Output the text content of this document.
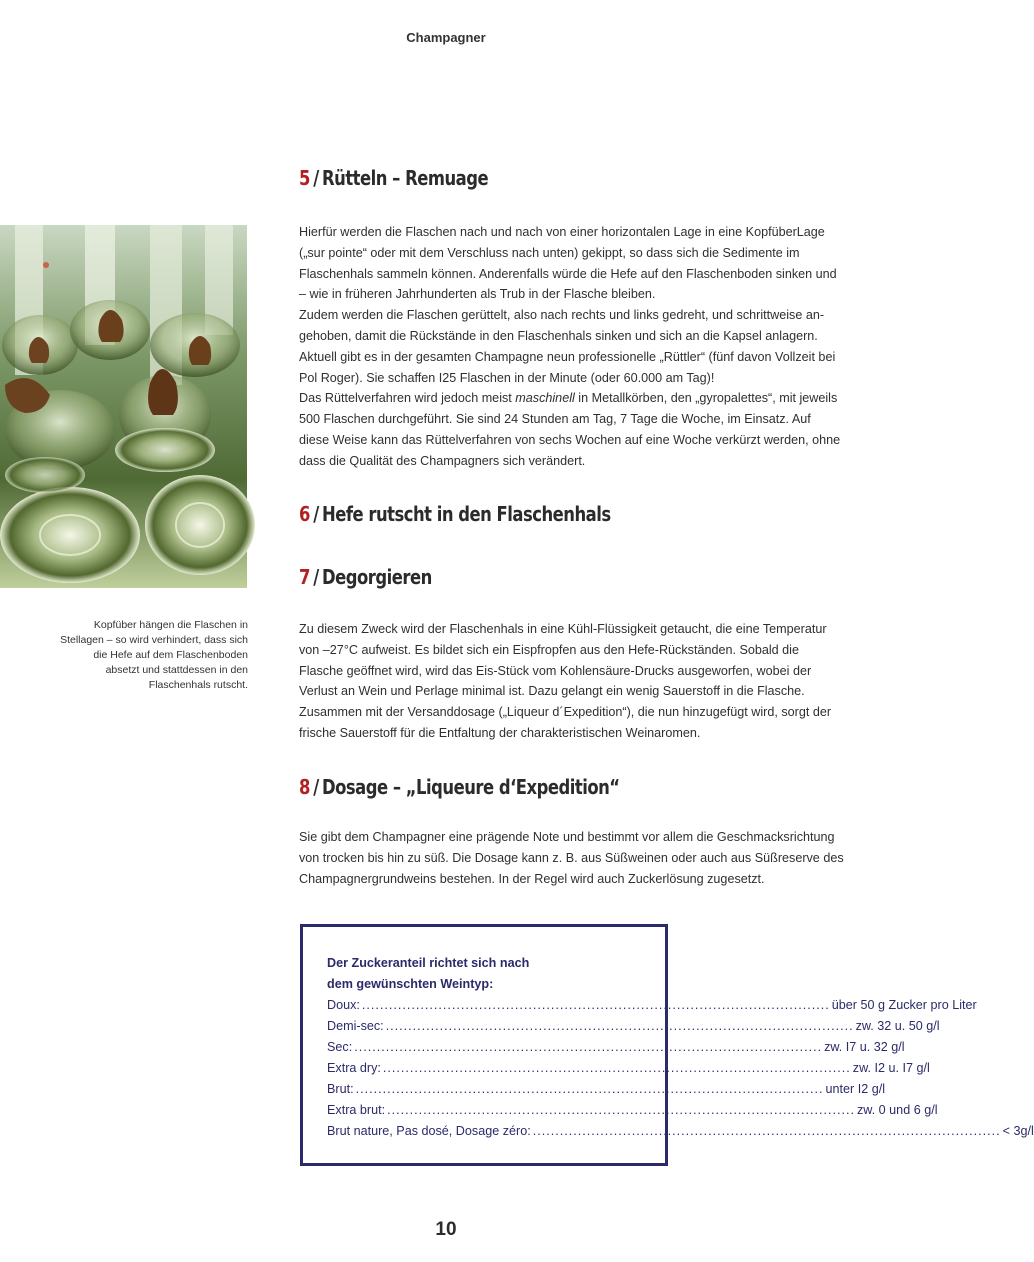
Champagner
Kopfüber hängen die Flaschen in Stellagen – so wird verhindert, dass sich die Hefe auf dem Flaschenboden absetzt und stattdessen in den Flaschenhals rutscht.
5 / Rütteln – Remuage

Hierfür werden die Flaschen nach und nach von einer horizontalen Lage in eine KopfüberLage („sur pointe“ oder mit dem Verschluss nach unten) gekippt, so dass sich die Sedimente im Flaschenhals sammeln können. Anderenfalls würde die Hefe auf den Flaschenboden sinken und – wie in früheren Jahrhunderten als Trub in der Flasche bleiben.

Zudem werden die Flaschen gerüttelt, also nach rechts und links gedreht, und schrittweise angehoben, damit die Rückstände in den Flaschenhals sinken und sich an die Kapsel anlagern. Aktuell gibt es in der gesamten Champagne neun professionelle „Rüttler“ (fünf davon Vollzeit bei Pol Roger). Sie schaffen I25 Flaschen in der Minute (oder 60.000 am Tag)!

Das Rüttelverfahren wird jedoch meist maschinell in Metallkörben, den „gyropalettes“, mit jeweils 500 Flaschen durchgeführt. Sie sind 24 Stunden am Tag, 7 Tage die Woche, im Einsatz. Auf diese Weise kann das Rüttelverfahren von sechs Wochen auf eine Woche verkürzt werden, ohne dass die Qualität des Champagners sich verändert.

6 / Hefe rutscht in den Flaschenhals
7 / Degorgieren

Zu diesem Zweck wird der Flaschenhals in eine Kühl-Flüssigkeit getaucht, die eine Temperatur von –27°C aufweist. Es bildet sich ein Eispfropfen aus den Hefe-Rückständen. Sobald die Flasche geöffnet wird, wird das Eis-Stück vom Kohlensäure-Drucks ausgeworfen, wobei der Verlust an Wein und Perlage minimal ist. Dazu gelangt ein wenig Sauerstoff in die Flasche. Zusammen mit der Versanddosage („Liqueur d´Expedition“), die nun hinzugefügt wird, sorgt der frische Sauerstoff für die Entfaltung der charakteristischen Weinaromen.

8 / Dosage – „Liqueure d‘Expedition“

Sie gibt dem Champagner eine prägende Note und bestimmt vor allem die Geschmacksrichtung von trocken bis hin zu süß. Die Dosage kann z. B. aus Süßweinen oder auch aus Süßreserve des Champagnergrundweins bestehen. In der Regel wird auch Zuckerlösung zugesetzt.

Der Zuckeranteil richtet sich nach

dem gewünschten Weintyp:

Doux: ........................................................................................................ über 50 g Zucker pro Liter
Demi-sec: ........................................................................................................ zw. 32 u. 50 g/l
Sec: ........................................................................................................ zw. I7 u. 32 g/l
Extra dry: ........................................................................................................ zw. I2 u. I7 g/l
Brut: ........................................................................................................ unter I2 g/l
Extra brut: ........................................................................................................ zw. 0 und 6 g/l
Brut nature, Pas dosé, Dosage zéro: ........................................................................................................ < 3g/l
10
